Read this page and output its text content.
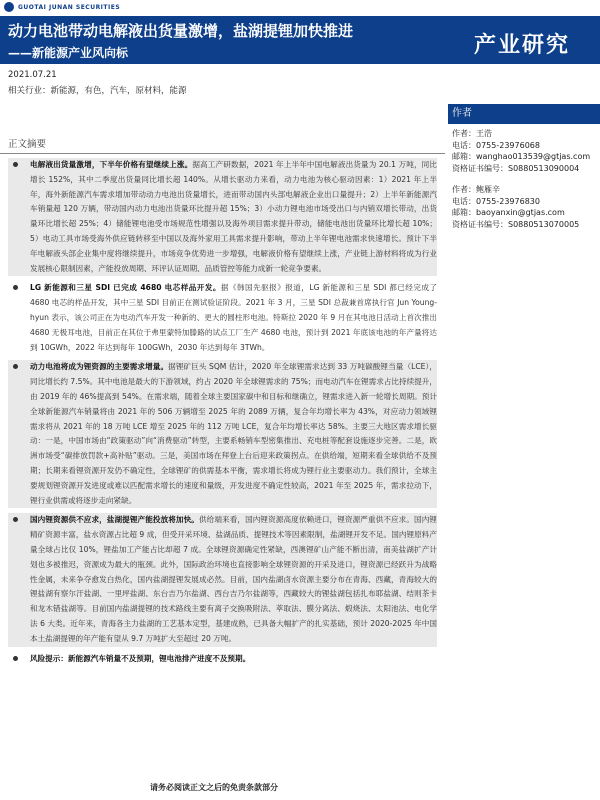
GUOTAI JUNAN SECURITIES
动力电池带动电解液出货量激增，盐湖提锂加快推进
——新能源产业风向标	产业研究
2021.07.21
相关行业：新能源，有色，汽车，原材料，能源
正文摘要

电解液出货量激增，下半年价格有望继续上涨。据高工产研数据，2021 年上半年中国电解液出货量为 20.1 万吨，同比增长 152%，其中二季度出货量同比增长超 140%。从增长驱动力来看，动力电池为核心驱动因素：1）2021 年上半年，海外新能源汽车需求增加带动动力电池出货量增长，进而带动国内头部电解液企业出口量提升；2）上半年新能源汽车销量超 120 万辆，带动国内动力电池出货量环比提升超 15%；3）小动力锂电池市场受出口与内销双增长带动，出货量环比增长超 25%；4）储能锂电池受市场规范性增强以及海外项目需求提升带动，储能电池出货量环比增长超 10%；5）电动工具市场受海外供应链转移至中国以及海外家用工具需求提升影响，带动上半年锂电池需求快速增长。预计下半年电解液头部企业集中度将继续提升，市场竞争优势进一步增强，电解液价格有望继续上涨，产业链上游材料将成为行业发展核心限制因素，产能投放周期、环评认证周期、品质管控等能力成新一轮竞争要素。

LG 新能源和三星 SDI 已完成 4680 电芯样品开发。据《韩国先驱报》报道，LG 新能源和三星 SDI 都已经完成了 4680 电芯的样品开发，其中三星 SDI 目前正在测试验证阶段。2021 年 3 月，三星 SDI 总裁兼首席执行官 Jun Young-hyun 表示，该公司正在为电动汽车开发一种新的、更大的圆柱形电池。特斯拉 2020 年 9 月在其电池日活动上首次推出 4680 无极耳电池，目前正在其位于弗里蒙特加滕路的试点工厂生产 4680 电池，预计到 2021 年底该电池的年产量将达到 10GWh，2022 年达到每年 100GWh，2030 年达到每年 3TWh。

动力电池将成为锂资源的主要需求增量。据锂矿巨头 SQM 估计，2020 年全球锂需求达到 33 万吨碳酸锂当量（LCE），同比增长约 7.5%。其中电池是最大的下游领域，约占 2020 年全球锂需求的 75%；而电动汽车在锂需求占比持续提升，由 2019 年的 46%提高到 54%。在需求端，随着全球主要国家碳中和目标和继确立，锂需求进入新一轮增长周期。预计全球新能源汽车销量将由 2021 年的 506 万辆增至 2025 年的 2089 万辆，复合年均增长率为 43%，对应动力领域锂需求将从 2021 年的 18 万吨 LCE 增至 2025 年的 112 万吨 LCE，复合年均增长率达 58%。主要三大地区需求增长驱动：一是，中国市场由“政策驱动”向“消费驱动”转型，主要系畅销车型密集推出、充电桩等配套设施逐步完善。二是，欧洲市场受“碳排放罚款+高补贴”驱动。三是，美国市场在拜登上台后迎来政策拐点。在供给端，短期来看全球供给不及预期；长期来看锂资源开发仍不确定性，全球锂矿的供需基本平衡，需求增长将成为锂行业主要驱动力。我们预计，全球主要规划锂资源开发进度或难以匹配需求增长的速度和量级，开发进度不确定性较高，2021 年至 2025 年，需求拉动下，锂行业供需或将逐步走向紧缺。

国内锂资源供不应求，盐湖提锂产能投放将加快。供给端来看，国内锂资源高度依赖进口，锂资源严重供不应求。国内锂精矿资源丰富，盐水资源占比超 9 成，但受开采环境、盐湖品质、提锂技术等因素限制，盐湖锂开发不足。国内锂原料产量全球占比仅 10%，锂盐加工产能占比却超 7 成。全球锂资源确定性紧缺，西澳锂矿山产能不断出清，南美盐湖扩产计划也多被推迟，资源成为最大的瓶颈。此外，国际政治环境也直接影响全球锂资源的开采及进口，锂资源已经跃升为战略性金属，未来争夺愈发白热化，国内盐湖提锂发展成必然。目前，国内盐湖卤水资源主要分布在青海、西藏，青海较大的锂盐湖有察尔汗盐湖、一里坪盐湖、东台吉乃尔盐湖、西台吉乃尔盐湖等，西藏较大的锂盐湖包括扎布耶盐湖、结则茶卡和龙木错盐湖等。目前国内盐湖提锂的技术路线主要有离子交换吸附法、萃取法、膜分离法、煅烧法、太阳池法、电化学法 6 大类。近年来，青海各主力盐湖的工艺基本定型，基建成熟，已具备大幅扩产的扎实基础，预计 2020-2025 年中国本土盐湖提锂的年产能有望从 9.7 万吨扩大至超过 20 万吨。

风险提示：新能源汽车销量不及预期，锂电池排产进度不及预期。

作者
作者：王浩
电话：0755-23976068
邮箱：wanghao013539@gtjas.com
资格证书编号：S0880513090004
作者：鲍雁辛
电话：0755-23976830
邮箱：baoyanxin@gtjas.com
资格证书编号：S0880513070005
请务必阅读正文之后的免责条款部分
